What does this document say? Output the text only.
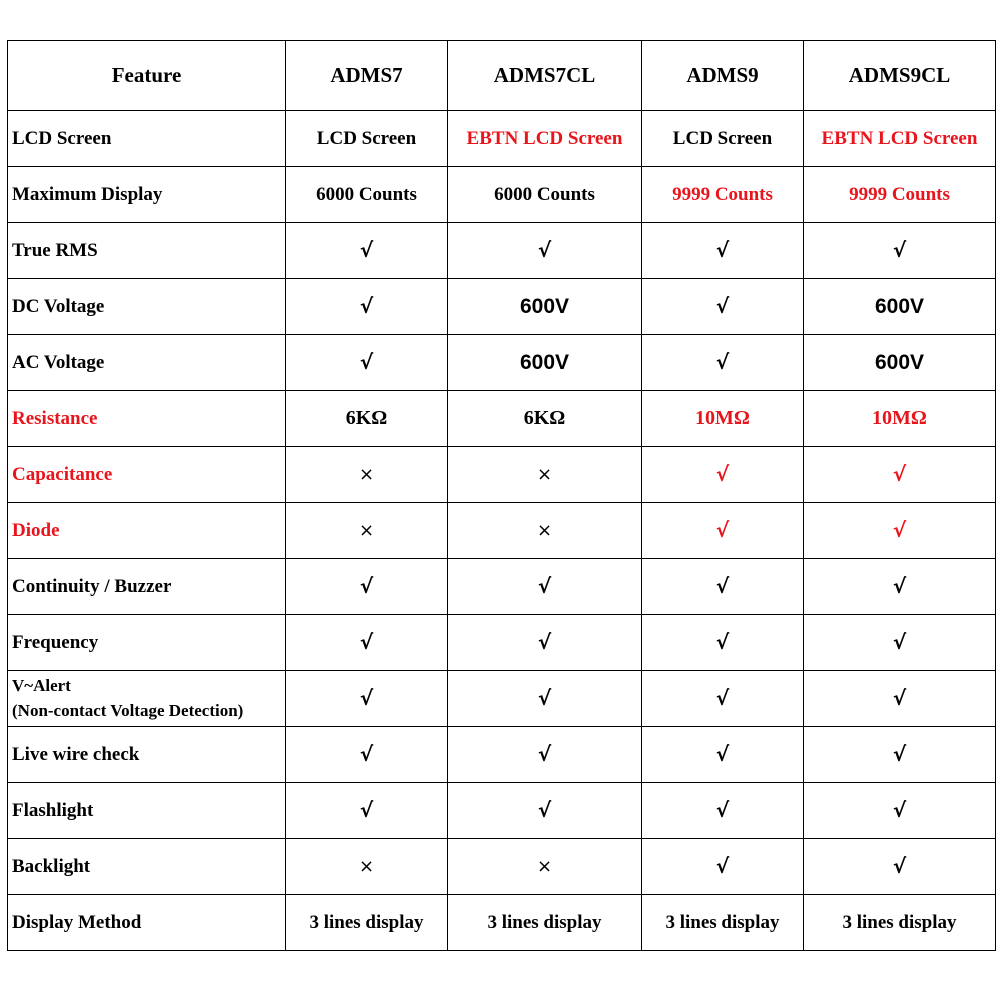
Feature	ADMS7	ADMS7CL	ADMS9	ADMS9CL
LCD Screen	LCD Screen	EBTN LCD Screen	LCD Screen	EBTN LCD Screen
Maximum Display	6000 Counts	6000 Counts	9999 Counts	9999 Counts
True RMS	√	√	√	√
DC Voltage	√	600V	√	600V
AC Voltage	√	600V	√	600V
Resistance	6KΩ	6KΩ	10MΩ	10MΩ
Capacitance	×	×	√	√
Diode	×	×	√	√
Continuity / Buzzer	√	√	√	√
Frequency	√	√	√	√

V~Alert
(Non-contact Voltage Detection)	√	√	√	√
Live wire check	√	√	√	√
Flashlight	√	√	√	√
Backlight	×	×	√	√
Display Method	3 lines display	3 lines display	3 lines display	3 lines display
